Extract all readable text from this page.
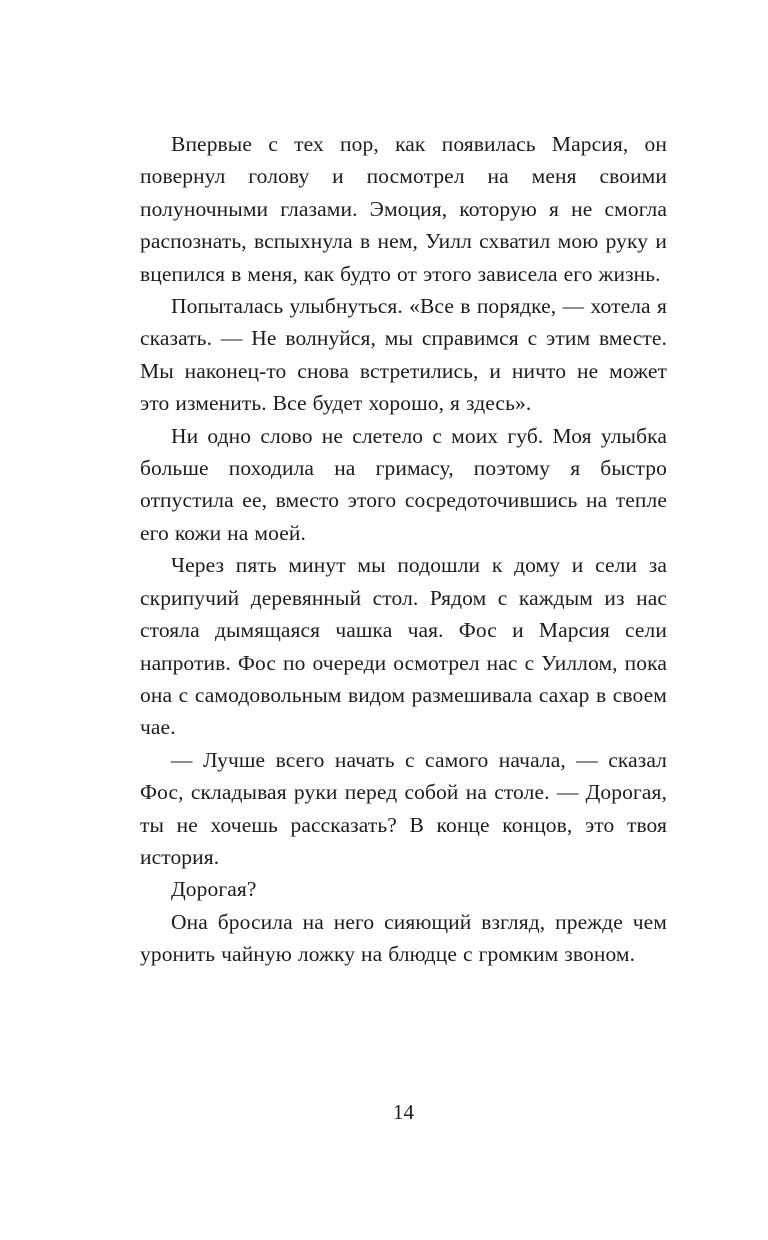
Впервые с тех пор, как появилась Марсия, он повернул голову и посмотрел на меня своими полуночными глазами. Эмоция, которую я не смогла распознать, вспыхнула в нем, Уилл схватил мою руку и вцепился в меня, как будто от этого зависела его жизнь.

Попыталась улыбнуться. «Все в порядке, — хотела я сказать. — Не волнуйся, мы справимся с этим вместе. Мы наконец-то снова встретились, и ничто не может это изменить. Все будет хорошо, я здесь».

Ни одно слово не слетело с моих губ. Моя улыбка больше походила на гримасу, поэтому я быстро отпустила ее, вместо этого сосредоточившись на тепле его кожи на моей.

Через пять минут мы подошли к дому и сели за скрипучий деревянный стол. Рядом с каждым из нас стояла дымящаяся чашка чая. Фос и Марсия сели напротив. Фос по очереди осмотрел нас с Уиллом, пока она с самодовольным видом размешивала сахар в своем чае.

— Лучше всего начать с самого начала, — сказал Фос, складывая руки перед собой на столе. — Дорогая, ты не хочешь рассказать? В конце концов, это твоя история.

Дорогая?

Она бросила на него сияющий взгляд, прежде чем уронить чайную ложку на блюдце с громким звоном.

14
